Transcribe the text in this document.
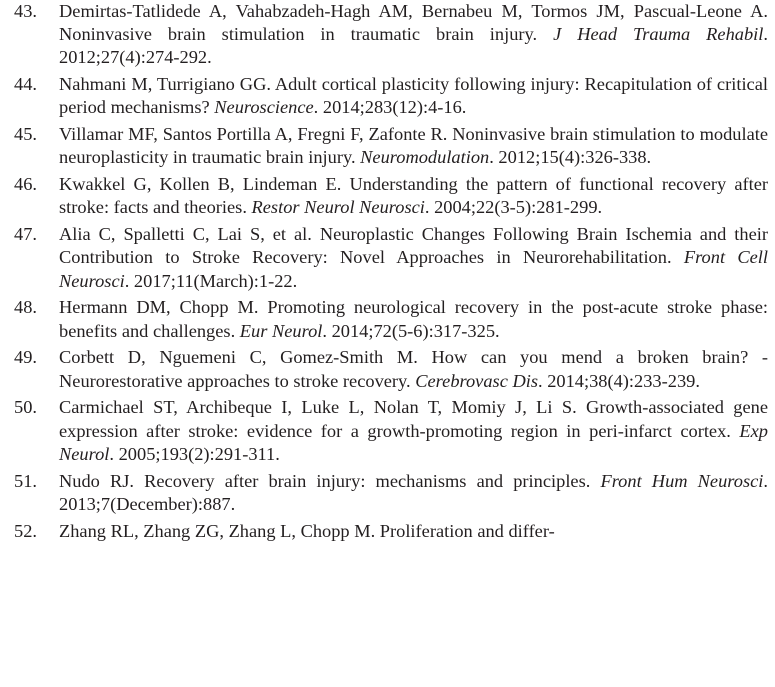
43.	Demirtas-Tatlidede A, Vahabzadeh-Hagh AM, Bernabeu M, Tormos JM, Pascual-Leone A. Noninvasive brain stimulation in traumatic brain injury. J Head Trauma Rehabil. 2012;27(4):274-292.
44.	Nahmani M, Turrigiano GG. Adult cortical plasticity following injury: Recapitulation of critical period mechanisms? Neuroscience. 2014;283(12):4-16.
45.	Villamar MF, Santos Portilla A, Fregni F, Zafonte R. Noninvasive brain stimulation to modulate neuroplasticity in traumatic brain injury. Neuromodulation. 2012;15(4):326-338.
46.	Kwakkel G, Kollen B, Lindeman E. Understanding the pattern of functional recovery after stroke: facts and theories. Restor Neurol Neurosci. 2004;22(3-5):281-299.
47.	Alia C, Spalletti C, Lai S, et al. Neuroplastic Changes Following Brain Ischemia and their Contribution to Stroke Recovery: Novel Approaches in Neurorehabilitation. Front Cell Neurosci. 2017;11(March):1-22.
48.	Hermann DM, Chopp M. Promoting neurological recovery in the post-acute stroke phase: benefits and challenges. Eur Neurol. 2014;72(5-6):317-325.
49.	Corbett D, Nguemeni C, Gomez-Smith M. How can you mend a broken brain? - Neurorestorative approaches to stroke recovery. Cerebrovasc Dis. 2014;38(4):233-239.
50.	Carmichael ST, Archibeque I, Luke L, Nolan T, Momiy J, Li S. Growth-associated gene expression after stroke: evidence for a growth-promoting region in peri-infarct cortex. Exp Neurol. 2005;193(2):291-311.
51.	Nudo RJ. Recovery after brain injury: mechanisms and principles. Front Hum Neurosci. 2013;7(December):887.
52.	Zhang RL, Zhang ZG, Zhang L, Chopp M. Proliferation and differ-
